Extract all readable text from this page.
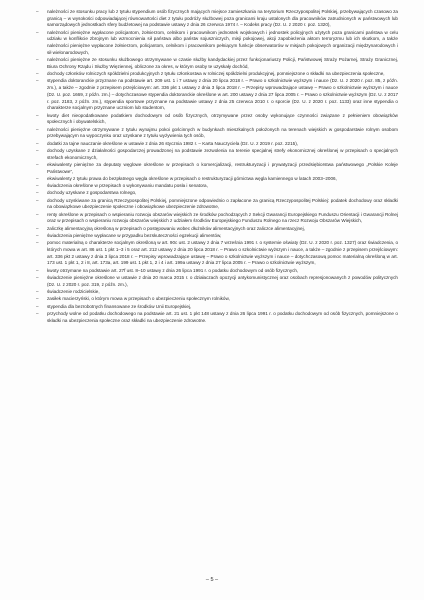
– należności ze stosunku pracy lub z tytułu stypendium osób fizycznych mających miejsce zamieszkania na terytorium Rzeczypospolitej Polskiej, przebywających czasowo za granicą – w wysokości odpowiadającej równowartości diet z tytułu podróży służbowej poza granicami kraju ustalonych dla pracowników zatrudnionych w państwowych lub samorządowych jednostkach sfery budżetowej na podstawie ustawy z dnia 26 czerwca 1974 r. – Kodeks pracy (Dz. U. z 2020 r. poz. 1320),
– należności pieniężne wypłacone policjantom, żołnierzom, celnikom i pracownikom jednostek wojskowych i jednostek policyjnych użytych poza granicami państwa w celu udziału w konflikcie zbrojnym lub wzmocnienia sił państwa albo państw sojuszniczych, misji pokojowej, akcji zapobieżenia aktom terroryzmu lub ich skutkom, a także należności pieniężne wypłacone żołnierzom, policjantom, celnikom i pracownikom pełniącym funkcje obserwatorów w misjach pokojowych organizacji międzynarodowych i sił wielonarodowych,
– należności pieniężne ze stosunku służbowego otrzymywane w czasie służby kandydackiej przez funkcjonariuszy Policji, Państwowej Straży Pożarnej, Straży Granicznej, Biura Ochrony Rządu i Służby Więziennej, obliczone za okres, w którym osoby te uzyskały dochód,
– dochody członków rolniczych spółdzielni produkcyjnych z tytułu członkostwa w rolniczej spółdzielni produkcyjnej, pomniejszone o składki na ubezpieczenia społeczne,
– stypendia doktoranckie przyznane na podstawie art. 209 ust. 1 i 7 ustawy z dnia 20 lipca 2018 r. – Prawo o szkolnictwie wyższym i nauce (Dz. U. z 2020 r. poz. 85, z późn. zm.), a także – zgodnie z przepisem przejściowym: art. 336 pkt 1 ustawy z dnia 3 lipca 2018 r. – Przepisy wprowadzające ustawę – Prawo o szkolnictwie wyższym i nauce (Dz. U. poz. 1669, z późn. zm.) – dotychczasowe stypendia doktoranckie określone w art. 200 ustawy z dnia 27 lipca 2005 r. – Prawo o szkolnictwie wyższym (Dz. U. z 2017 r. poz. 2183, z późn. zm.), stypendia sportowe przyznane na podstawie ustawy z dnia 25 czerwca 2010 r. o sporcie (Dz. U. z 2020 r. poz. 1133) oraz inne stypendia o charakterze socjalnym przyznane uczniom lub studentom,
– kwoty diet nieopodatkowane podatkiem dochodowym od osób fizycznych, otrzymywane przez osoby wykonujące czynności związane z pełnieniem obowiązków społecznych i obywatelskich,
– należności pieniężne otrzymywane z tytułu wynajmu pokoi gościnnych w budynkach mieszkalnych położonych na terenach wiejskich w gospodarstwie rolnym osobom przebywającym na wypoczynku oraz uzyskane z tytułu wyżywienia tych osób,
– dodatki za tajne nauczanie określone w ustawie z dnia 26 stycznia 1982 r. – Karta Nauczyciela (Dz. U. z 2019 r. poz. 2215),
– dochody uzyskane z działalności gospodarczej prowadzonej na podstawie zezwolenia na terenie specjalnej strefy ekonomicznej określonej w przepisach o specjalnych strefach ekonomicznych,
– ekwiwalenty pieniężne za deputaty węglowe określone w przepisach o komercjalizacji, restrukturyzacji i prywatyzacji przedsiębiorstwa państwowego „Polskie Koleje Państwowe”,
– ekwiwalenty z tytułu prawa do bezpłatnego węgla określone w przepisach o restrukturyzacji górnictwa węgla kamiennego w latach 2003–2006,
– świadczenia określone w przepisach o wykonywaniu mandatu posła i senatora,
– dochody uzyskane z gospodarstwa rolnego,
– dochody uzyskiwane za granicą Rzeczypospolitej Polskiej, pomniejszone odpowiednio o zapłacone za granicą Rzeczypospolitej Polskiej: podatek dochodowy oraz składki na obowiązkowe ubezpieczenie społeczne i obowiązkowe ubezpieczenie zdrowotne,
– renty określone w przepisach o wspieraniu rozwoju obszarów wiejskich ze środków pochodzących z Sekcji Gwarancji Europejskiego Funduszu Orientacji i Gwarancji Rolnej oraz w przepisach o wspieraniu rozwoju obszarów wiejskich z udziałem środków Europejskiego Funduszu Rolnego na rzecz Rozwoju Obszarów Wiejskich,
– zaliczkę alimentacyjną określoną w przepisach o postępowaniu wobec dłużników alimentacyjnych oraz zaliczce alimentacyjnej,
– świadczenia pieniężne wypłacane w przypadku bezskuteczności egzekucji alimentów,
– pomoc materialną o charakterze socjalnym określoną w art. 90c ust. 2 ustawy z dnia 7 września 1991 r. o systemie oświaty (Dz. U. z 2020 r. poz. 1327) oraz świadczenia, o których mowa w art. 86 ust. 1 pkt 1–3 i 5 oraz art. 212 ustawy z dnia 20 lipca 2018 r. – Prawo o szkolnictwie wyższym i nauce, a także – zgodnie z przepisem przejściowym: art. 336 pkt 2 ustawy z dnia 3 lipca 2018 r. – Przepisy wprowadzające ustawę – Prawo o szkolnictwie wyższym i nauce – dotychczasową pomoc materialną określoną w art. 173 ust. 1 pkt 1, 2 i 8, art. 173a, art. 199 ust. 1 pkt 1, 2 i 4 i art. 199a ustawy z dnia 27 lipca 2005 r. – Prawo o szkolnictwie wyższym,
– kwoty otrzymane na podstawie art. 27f ust. 8–10 ustawy z dnia 26 lipca 1991 r. o podatku dochodowym od osób fizycznych,
– świadczenie pieniężne określone w ustawie z dnia 20 marca 2015 r. o działaczach opozycji antykomunistycznej oraz osobach represjonowanych z powodów politycznych (Dz. U. z 2020 r. poz. 319, z późn. zm.),
– świadczenie rodzicielskie,
– zasiłek macierzyński, o którym mowa w przepisach o ubezpieczeniu społecznym rolników,
– stypendia dla bezrobotnych finansowane ze środków Unii Europejskiej,
– przychody wolne od podatku dochodowego na podstawie art. 21 ust. 1 pkt 148 ustawy z dnia 26 lipca 1991 r. o podatku dochodowym od osób fizycznych, pomniejszone o składki na ubezpieczenia społeczne oraz składki na ubezpieczenie zdrowotne.
– 5 –
